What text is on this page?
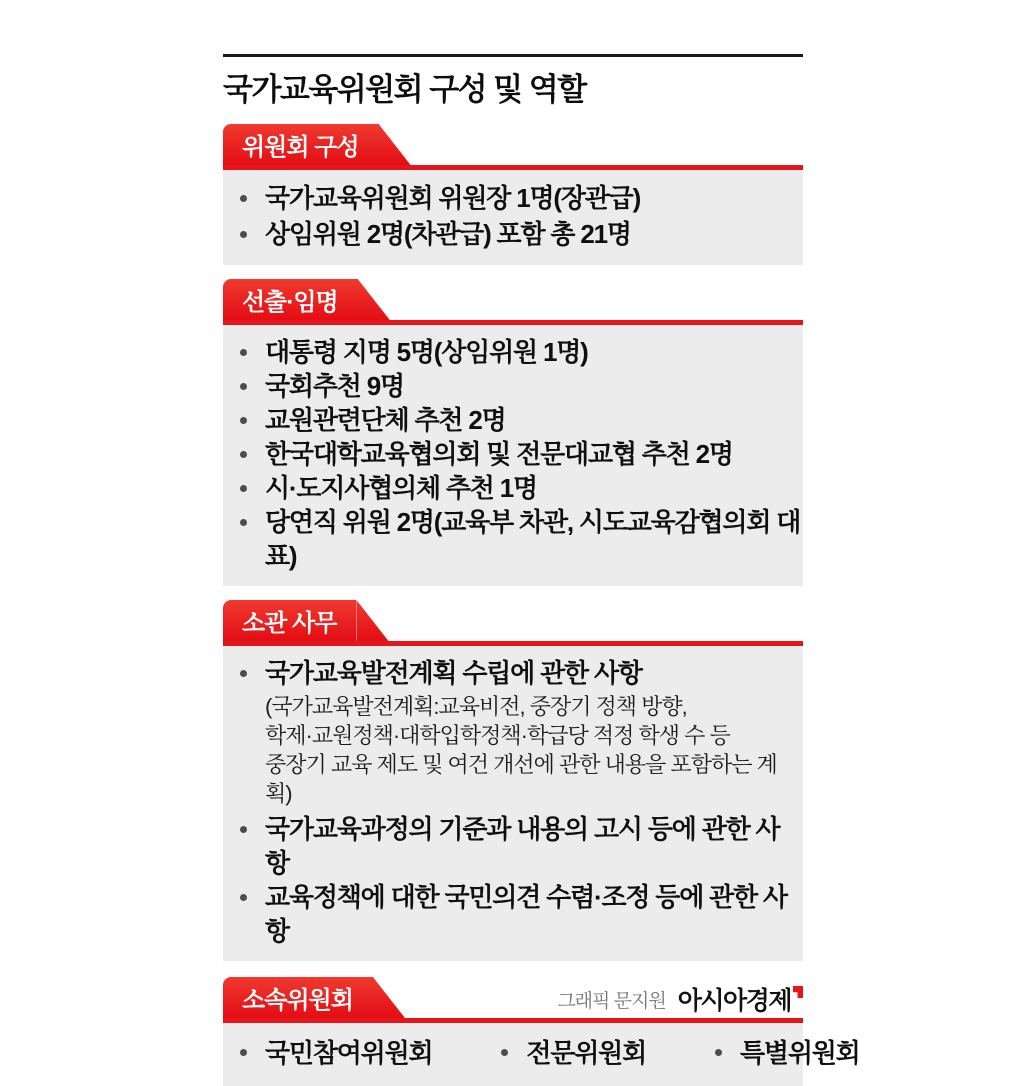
국가교육위원회 구성 및 역할
위원회 구성
국가교육위원회 위원장 1명(장관급)
상임위원 2명(차관급) 포함 총 21명
선출·임명
대통령 지명 5명(상임위원 1명)
국회추천 9명
교원관련단체 추천 2명
한국대학교육협의회 및 전문대교협 추천 2명
시·도지사협의체 추천 1명
당연직 위원 2명(교육부 차관, 시도교육감협의회 대표)
소관 사무
국가교육발전계획 수립에 관한 사항
(국가교육발전계획:교육비전, 중장기 정책 방향,
학제·교원정책·대학입학정책·학급당 적정 학생 수 등
중장기 교육 제도 및 여건 개선에 관한 내용을 포함하는 계획)
국가교육과정의 기준과 내용의 고시 등에 관한 사항
교육정책에 대한 국민의견 수렴·조정 등에 관한 사항
소속위원회
국민참여위원회	전문위원회	특별위원회
그래픽 문지원 아시아경제
